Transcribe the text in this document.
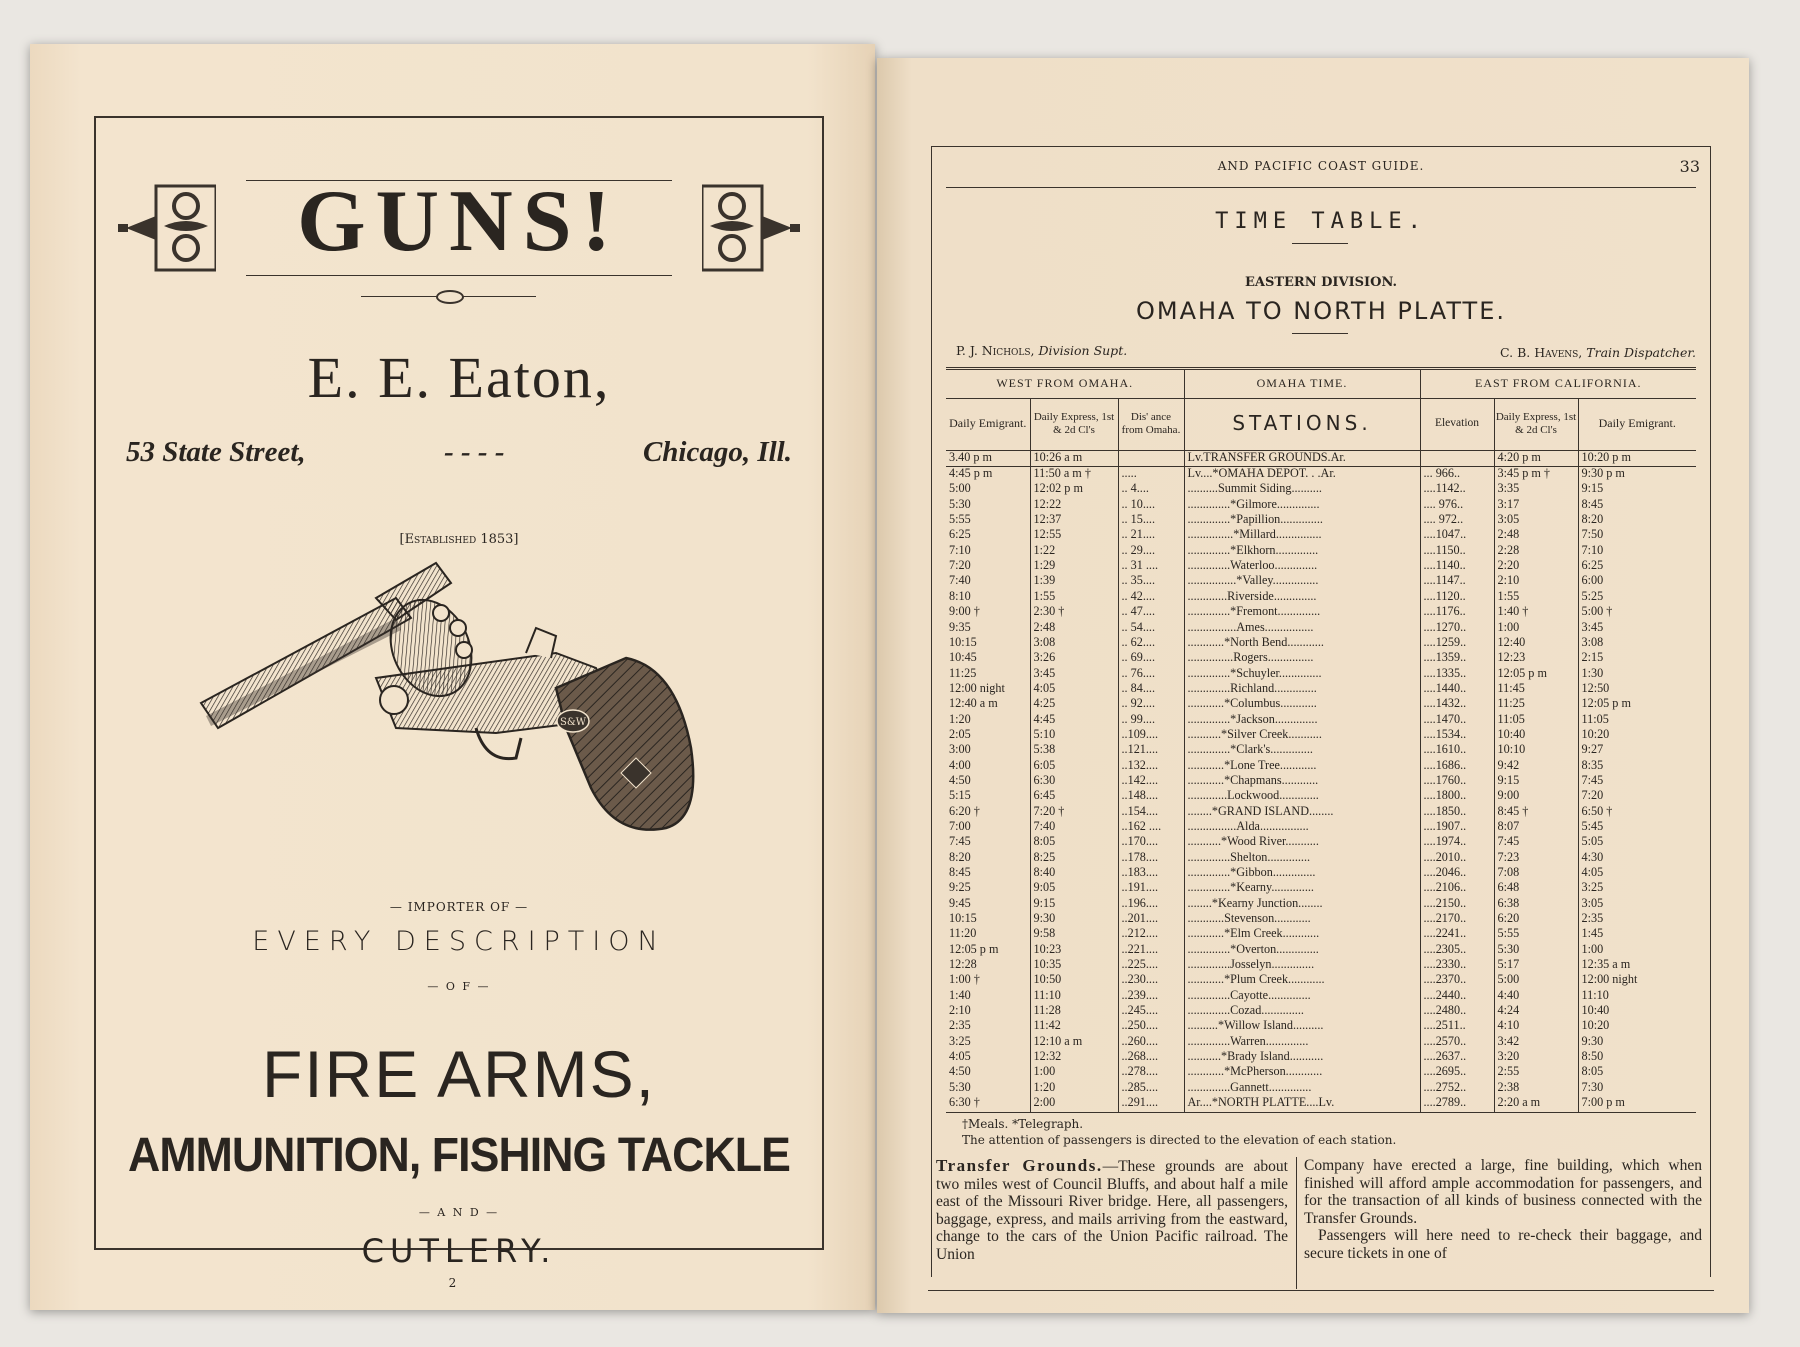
GUNS!
E. E. Eaton,
53 State Street,	- - - -	Chicago, Ill.
[Established 1853]
S&W
— IMPORTER OF —
EVERY DESCRIPTION
— O F —
FIRE ARMS,
AMMUNITION, FISHING TACKLE
— A N D —
CUTLERY.
2
AND PACIFIC COAST GUIDE.	33
TIME TABLE.
EASTERN DIVISION.
OMAHA TO NORTH PLATTE.
P. J. Nichols, Division Supt.	C. B. Havens, Train Dispatcher.
WEST FROM OMAHA.			OMAHA TIME.	EAST FROM CALIFORNIA.		
Daily Emigrant.	Daily Express, 1st & 2d Cl's	Dis' ance from Omaha.	STATIONS.	Elevation	Daily Express, 1st & 2d Cl's	Daily Emigrant.
3.40 p m	10:26 a m		Lv.TRANSFER GROUNDS.Ar.		4:20 p m	10:20 p m
4:45 p m	11:50 a m †	.....	Lv....*OMAHA DEPOT. . .Ar.	... 966..	3:45 p m †	9:30 p m
5:00	12:02 p m	.. 4....	..........Summit Siding..........	....1142..	3:35	9:15
5:30	12:22	.. 10....	..............*Gilmore..............	.... 976..	3:17	8:45
5:55	12:37	.. 15....	..............*Papillion..............	.... 972..	3:05	8:20
6:25	12:55	.. 21....	...............*Millard...............	....1047..	2:48	7:50
7:10	1:22	.. 29....	..............*Elkhorn..............	....1150..	2:28	7:10
7:20	1:29	.. 31 ....	..............Waterloo..............	....1140..	2:20	6:25
7:40	1:39	.. 35....	................*Valley...............	....1147..	2:10	6:00
8:10	1:55	.. 42....	.............Riverside..............	....1120..	1:55	5:25
9:00 †	2:30 †	.. 47....	..............*Fremont..............	....1176..	1:40 †	5:00 †
9:35	2:48	.. 54....	................Ames................	....1270..	1:00	3:45
10:15	3:08	.. 62....	............*North Bend............	....1259..	12:40	3:08
10:45	3:26	.. 69....	...............Rogers...............	....1359..	12:23	2:15
11:25	3:45	.. 76....	..............*Schuyler..............	....1335..	12:05 p m	1:30
12:00 night	4:05	.. 84....	..............Richland..............	....1440..	11:45	12:50
12:40 a m	4:25	.. 92....	............*Columbus............	....1432..	11:25	12:05 p m
1:20	4:45	.. 99....	..............*Jackson..............	....1470..	11:05	11:05
2:05	5:10	..109....	...........*Silver Creek...........	....1534..	10:40	10:20
3:00	5:38	..121....	..............*Clark's..............	....1610..	10:10	9:27
4:00	6:05	..132....	............*Lone Tree............	....1686..	9:42	8:35
4:50	6:30	..142....	............*Chapmans............	....1760..	9:15	7:45
5:15	6:45	..148....	.............Lockwood.............	....1800..	9:00	7:20
6:20 †	7:20 †	..154....	........*GRAND ISLAND........	....1850..	8:45 †	6:50 †
7:00	7:40	..162 ....	................Alda................	....1907..	8:07	5:45
7:45	8:05	..170....	...........*Wood River...........	....1974..	7:45	5:05
8:20	8:25	..178....	..............Shelton..............	....2010..	7:23	4:30
8:45	8:40	..183....	..............*Gibbon..............	....2046..	7:08	4:05
9:25	9:05	..191....	..............*Kearny..............	....2106..	6:48	3:25
9:45	9:15	..196....	........*Kearny Junction........	....2150..	6:38	3:05
10:15	9:30	..201....	............Stevenson............	....2170..	6:20	2:35
11:20	9:58	..212....	............*Elm Creek............	....2241..	5:55	1:45
12:05 p m	10:23	..221....	..............*Overton..............	....2305..	5:30	1:00
12:28	10:35	..225....	..............Josselyn..............	....2330..	5:17	12:35 a m
1:00 †	10:50	..230....	............*Plum Creek............	....2370..	5:00	12:00 night
1:40	11:10	..239....	..............Cayotte..............	....2440..	4:40	11:10
2:10	11:28	..245....	..............Cozad..............	....2480..	4:24	10:40
2:35	11:42	..250....	..........*Willow Island..........	....2511..	4:10	10:20
3:25	12:10 a m	..260....	..............Warren..............	....2570..	3:42	9:30
4:05	12:32	..268....	...........*Brady Island...........	....2637..	3:20	8:50
4:50	1:00	..278....	............*McPherson............	....2695..	2:55	8:05
5:30	1:20	..285....	..............Gannett..............	....2752..	2:38	7:30
6:30 †	2:00	..291....	Ar....*NORTH PLATTE....Lv.	....2789..	2:20 a m	7:00 p m
†Meals. *Telegraph.
The attention of passengers is directed to the elevation of each station.
Transfer Grounds.—These grounds are about two miles west of Council Bluffs, and about half a mile east of the Missouri River bridge. Here, all passengers, baggage, express, and mails arriving from the eastward, change to the cars of the Union Pacific railroad. The Union
Company have erected a large, fine building, which when finished will afford ample accommodation for passengers, and for the transaction of all kinds of business connected with the Transfer Grounds.
Passengers will here need to re-check their baggage, and secure tickets in one of
